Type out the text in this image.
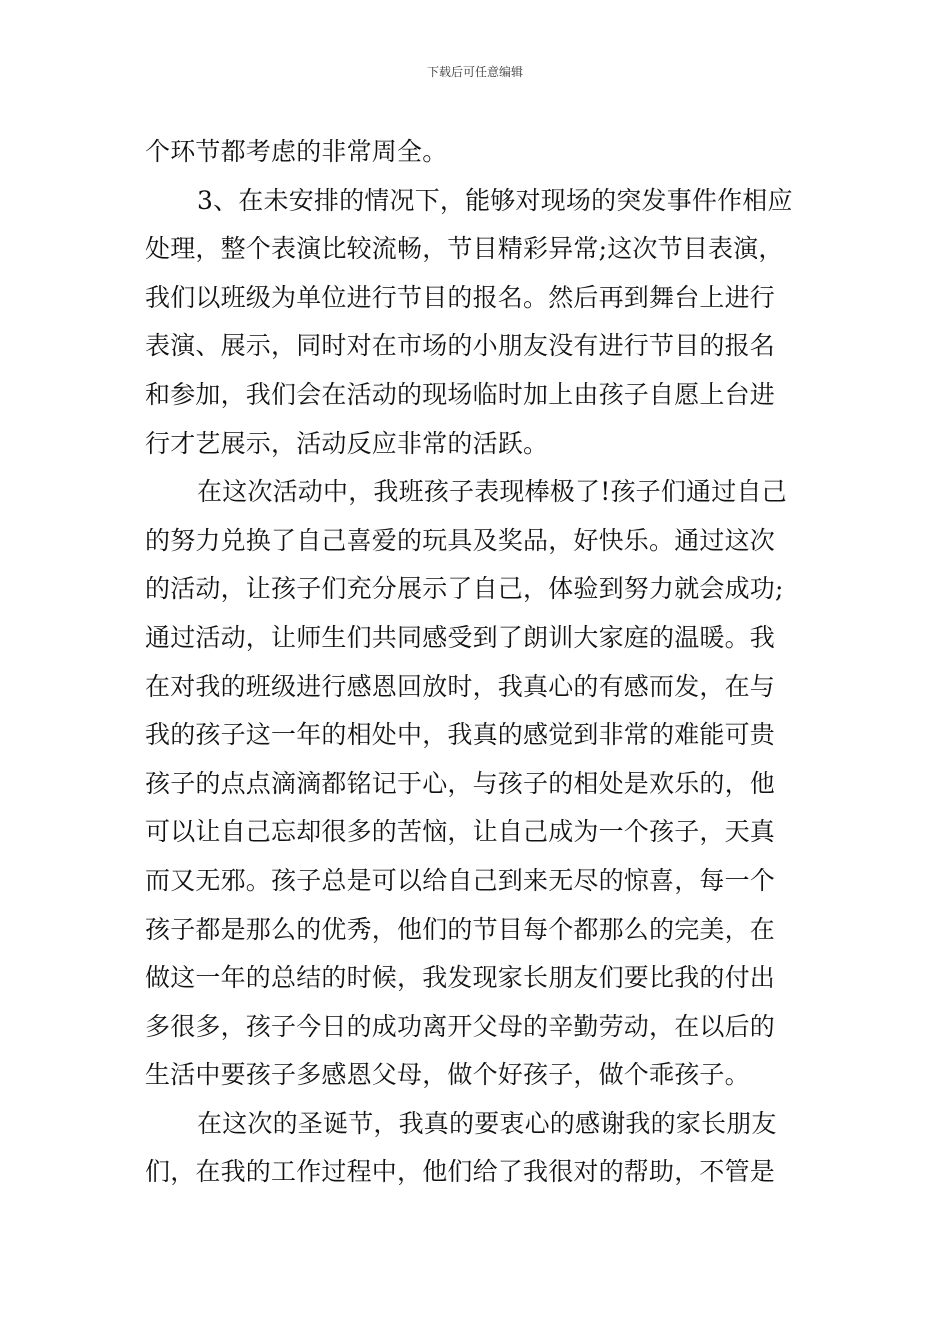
下载后可任意编辑
个环节都考虑的非常周全。
3、在未安排的情况下，能够对现场的突发事件作相应
处理，整个表演比较流畅，节目精彩异常;这次节目表演，
我们以班级为单位进行节目的报名。然后再到舞台上进行
表演、展示，同时对在市场的小朋友没有进行节目的报名
和参加，我们会在活动的现场临时加上由孩子自愿上台进
行才艺展示，活动反应非常的活跃。
在这次活动中，我班孩子表现棒极了!孩子们通过自己
的努力兑换了自己喜爱的玩具及奖品，好快乐。通过这次
的活动，让孩子们充分展示了自己，体验到努力就会成功;
通过活动，让师生们共同感受到了朗训大家庭的温暖。我
在对我的班级进行感恩回放时，我真心的有感而发，在与
我的孩子这一年的相处中，我真的感觉到非常的难能可贵
孩子的点点滴滴都铭记于心，与孩子的相处是欢乐的，他
可以让自己忘却很多的苦恼，让自己成为一个孩子，天真
而又无邪。孩子总是可以给自己到来无尽的惊喜，每一个
孩子都是那么的优秀，他们的节目每个都那么的完美，在
做这一年的总结的时候，我发现家长朋友们要比我的付出
多很多，孩子今日的成功离开父母的辛勤劳动，在以后的
生活中要孩子多感恩父母，做个好孩子，做个乖孩子。
在这次的圣诞节，我真的要衷心的感谢我的家长朋友
们，在我的工作过程中，他们给了我很对的帮助，不管是
